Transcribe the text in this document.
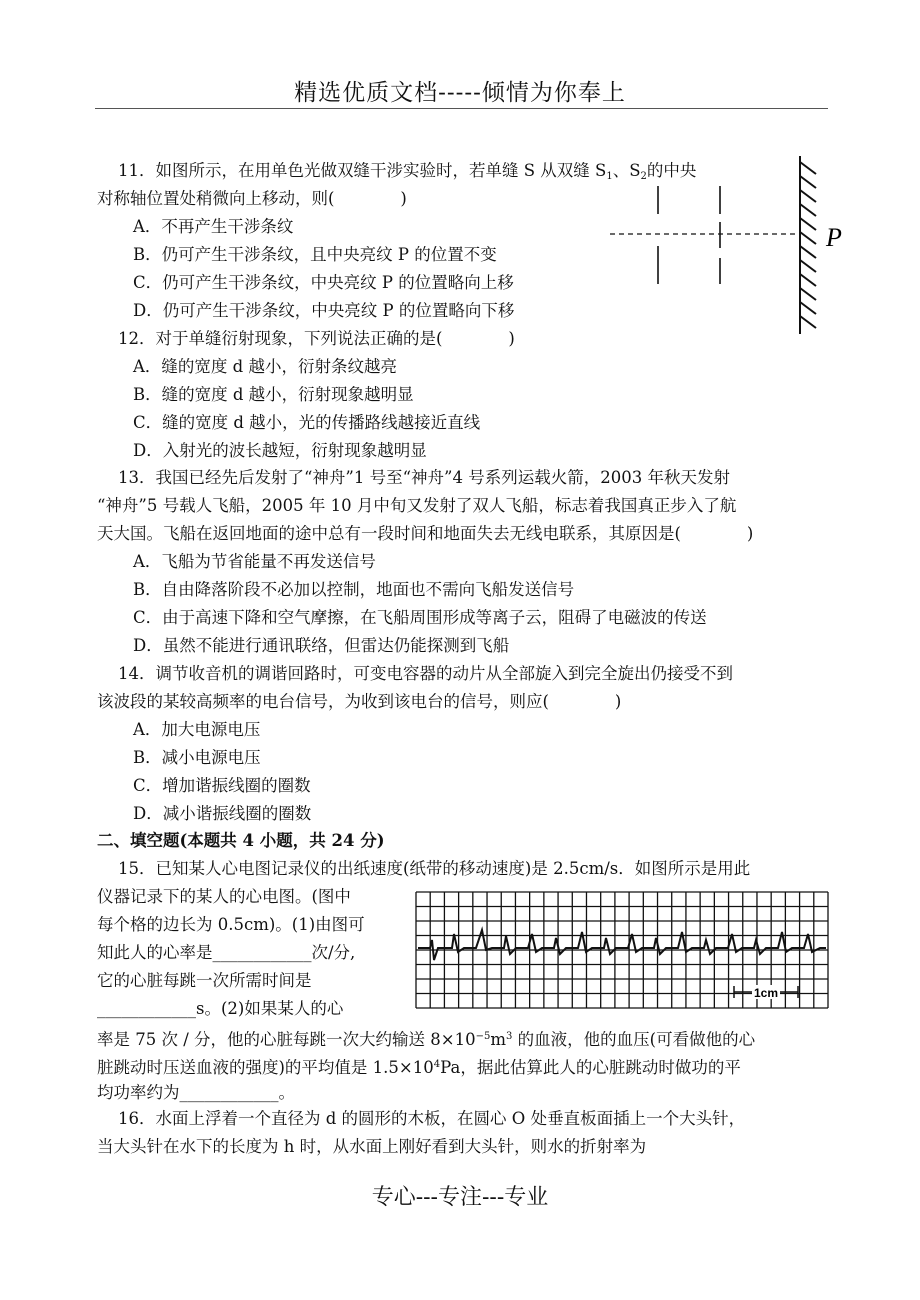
精选优质文档-----倾情为你奉上
11．如图所示，在用单色光做双缝干涉实验时，若单缝 S 从双缝 $S_1$、$S_2$的中央
对称轴位置处稍微向上移动，则(　　　　)
A．不再产生干涉条纹
B．仍可产生干涉条纹，且中央亮纹 P 的位置不变
C．仍可产生干涉条纹，中央亮纹 P 的位置略向上移
D．仍可产生干涉条纹，中央亮纹 P 的位置略向下移
P
12．对于单缝衍射现象，下列说法正确的是(　　　　)
A．缝的宽度 d 越小，衍射条纹越亮
B．缝的宽度 d 越小，衍射现象越明显
C．缝的宽度 d 越小，光的传播路线越接近直线
D．入射光的波长越短，衍射现象越明显
13．我国已经先后发射了“神舟”1 号至“神舟”4 号系列运载火箭，2003 年秋天发射
“神舟”5 号载人飞船，2005 年 10 月中旬又发射了双人飞船，标志着我国真正步入了航
天大国。飞船在返回地面的途中总有一段时间和地面失去无线电联系，其原因是(　　　　)
A．飞船为节省能量不再发送信号
B．自由降落阶段不必加以控制，地面也不需向飞船发送信号
C．由于高速下降和空气摩擦，在飞船周围形成等离子云，阻碍了电磁波的传送
D．虽然不能进行通讯联络，但雷达仍能探测到飞船
14．调节收音机的调谐回路时，可变电容器的动片从全部旋入到完全旋出仍接受不到
该波段的某较高频率的电台信号，为收到该电台的信号，则应(　　　　)
A．加大电源电压
B．减小电源电压
C．增加谐振线圈的圈数
D．减小谐振线圈的圈数
二、填空题(本题共 4 小题，共 24 分)
15．已知某人心电图记录仪的出纸速度(纸带的移动速度)是 2.5cm/s．如图所示是用此
仪器记录下的某人的心电图。(图中
每个格的边长为 0.5cm)。(1)由图可
知此人的心率是____________次/分,
它的心脏每跳一次所需时间是
____________s。(2)如果某人的心
率是 75 次 / 分，他的心脏每跳一次大约输送 $8\times 10^{-5}m^3$ 的血液，他的血压(可看做他的心
脏跳动时压送血液的强度)的平均值是 $1.5\times 10^4Pa$，据此估算此人的心脏跳动时做功的平
均功率约为____________。
1cm
16．水面上浮着一个直径为 d 的圆形的木板，在圆心 O 处垂直板面插上一个大头针，
当大头针在水下的长度为 h 时，从水面上刚好看到大头针，则水的折射率为
专心---专注---专业
